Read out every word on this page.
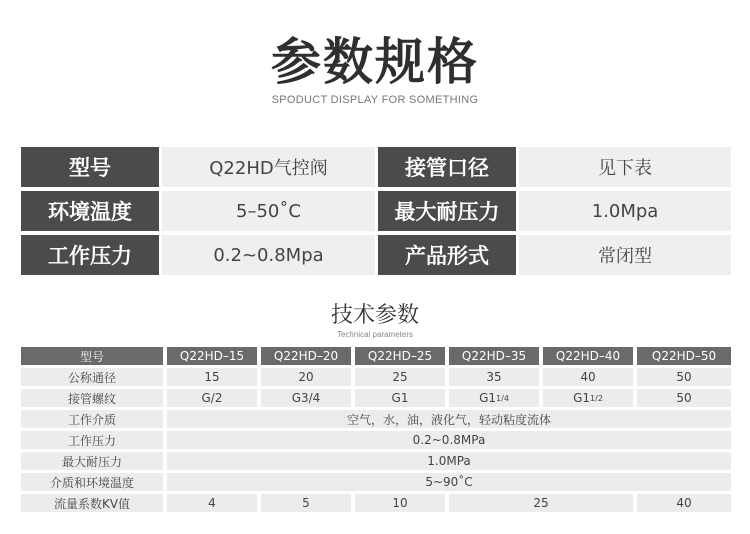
参数规格
SPODUCT DISPLAY FOR SOMETHING
型号	Q22HD气控阀	接管口径	见下表
环境温度	5–50˚C	最大耐压力	1.0Mpa
工作压力	0.2~0.8Mpa	产品形式	常闭型
技术参数
Technical parameters
型号	Q22HD–15	Q22HD–20	Q22HD–25	Q22HD–35	Q22HD–40	Q22HD–50
公称通径	15	20	25	35	40	50
接管螺纹	G/2	G3/4	G1	G1 1/4	G1 1/2	50
工作介质	空气，水，油，液化气，轻动粘度流体
工作压力	0.2~0.8MPa
最大耐压力	1.0MPa
介质和环境温度	5~90˚C
流量系数KV值	4	5	10	25	40
